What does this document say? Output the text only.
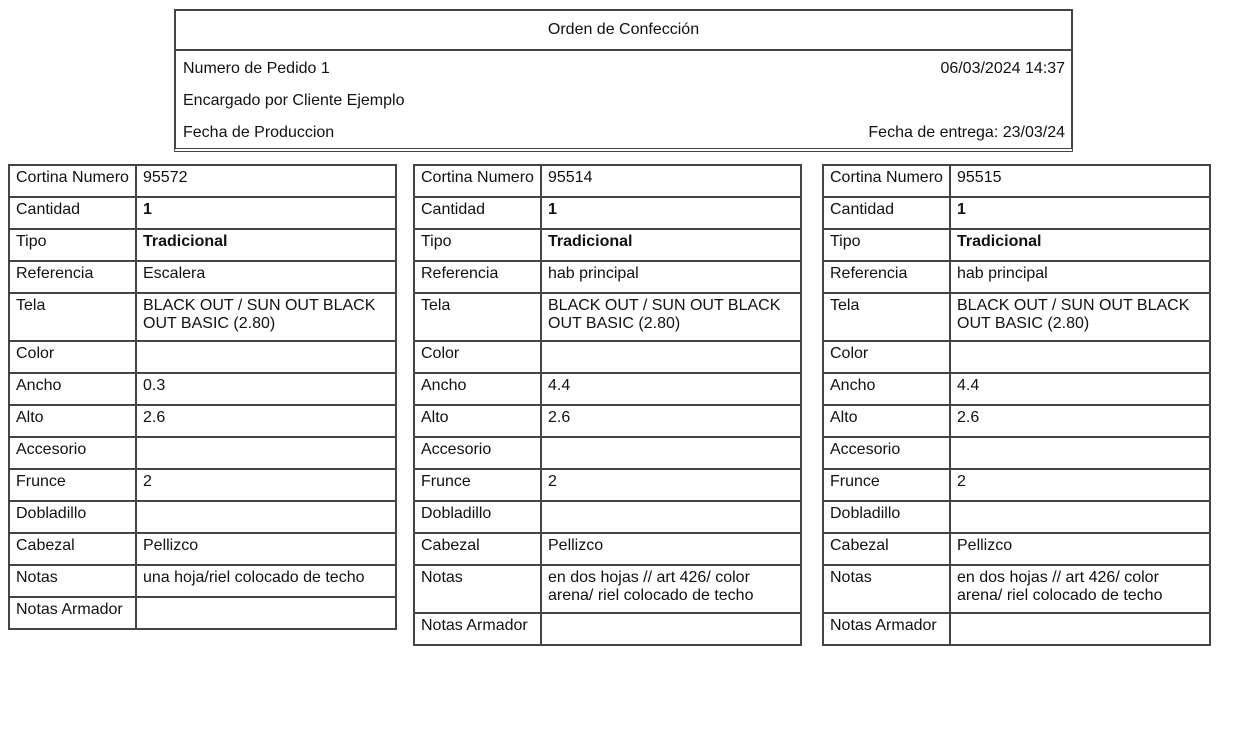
Orden de Confección
Numero de Pedido 1	06/03/2024 14:37
Encargado por Cliente Ejemplo
Fecha de Produccion	Fecha de entrega: 23/03/24
Cortina Numero	95572
Cantidad	1
Tipo	Tradicional
Referencia	Escalera
Tela	BLACK OUT / SUN OUT BLACK OUT BASIC (2.80)
Color	
Ancho	0.3
Alto	2.6
Accesorio	
Frunce	2
Dobladillo	
Cabezal	Pellizco
Notas	una hoja/riel colocado de techo
Notas Armador	
Cortina Numero	95514
Cantidad	1
Tipo	Tradicional
Referencia	hab principal
Tela	BLACK OUT / SUN OUT BLACK OUT BASIC (2.80)
Color	
Ancho	4.4
Alto	2.6
Accesorio	
Frunce	2
Dobladillo	
Cabezal	Pellizco
Notas	en dos hojas // art 426/ color arena/ riel colocado de techo
Notas Armador	
Cortina Numero	95515
Cantidad	1
Tipo	Tradicional
Referencia	hab principal
Tela	BLACK OUT / SUN OUT BLACK OUT BASIC (2.80)
Color	
Ancho	4.4
Alto	2.6
Accesorio	
Frunce	2
Dobladillo	
Cabezal	Pellizco
Notas	en dos hojas // art 426/ color arena/ riel colocado de techo
Notas Armador	
